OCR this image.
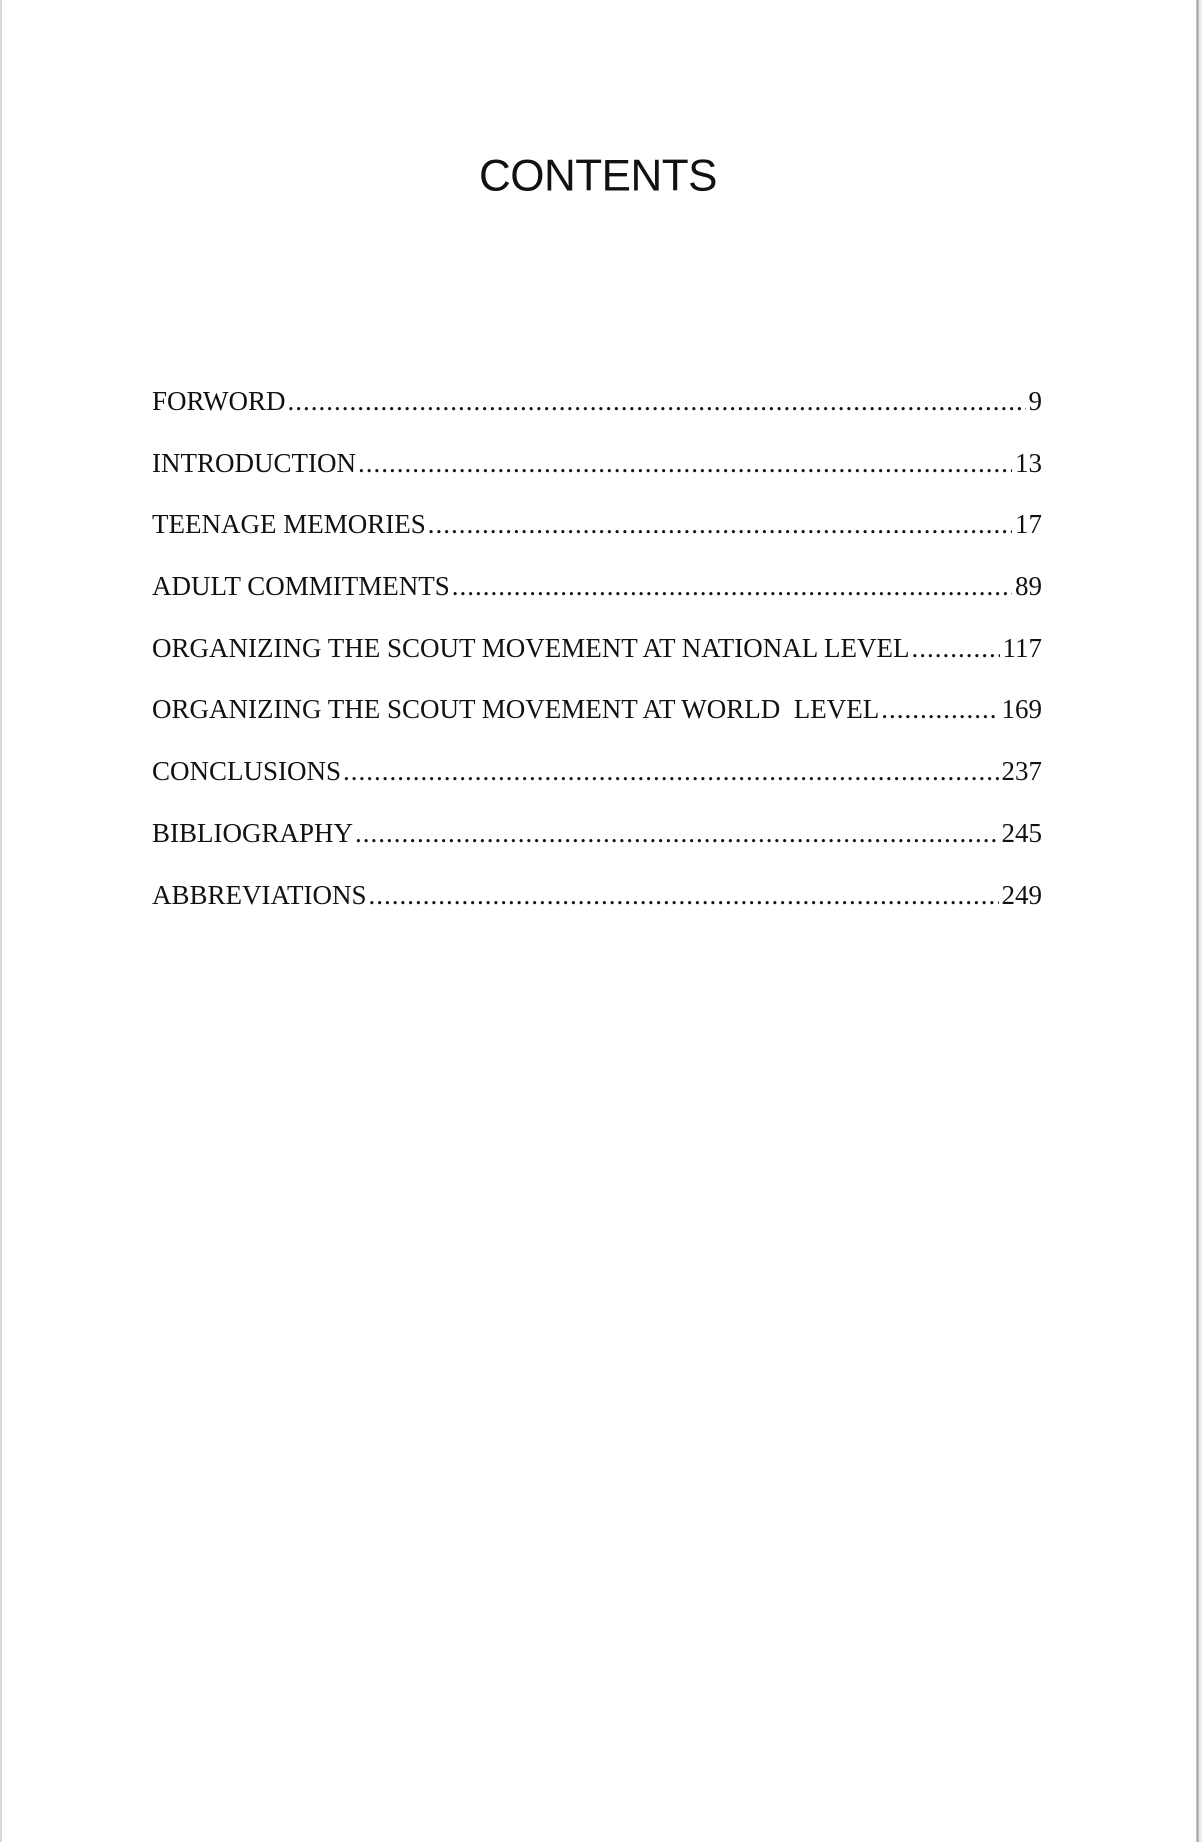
CONTENTS
FORWORD .....	9
INTRODUCTION .....	13
TEENAGE MEMORIES .....	17
ADULT COMMITMENTS .....	89
ORGANIZING THE SCOUT MOVEMENT AT NATIONAL LEVEL .....	117
ORGANIZING THE SCOUT MOVEMENT AT WORLD  LEVEL .....	169
CONCLUSIONS .....	237
BIBLIOGRAPHY .....	245
ABBREVIATIONS .....	249
